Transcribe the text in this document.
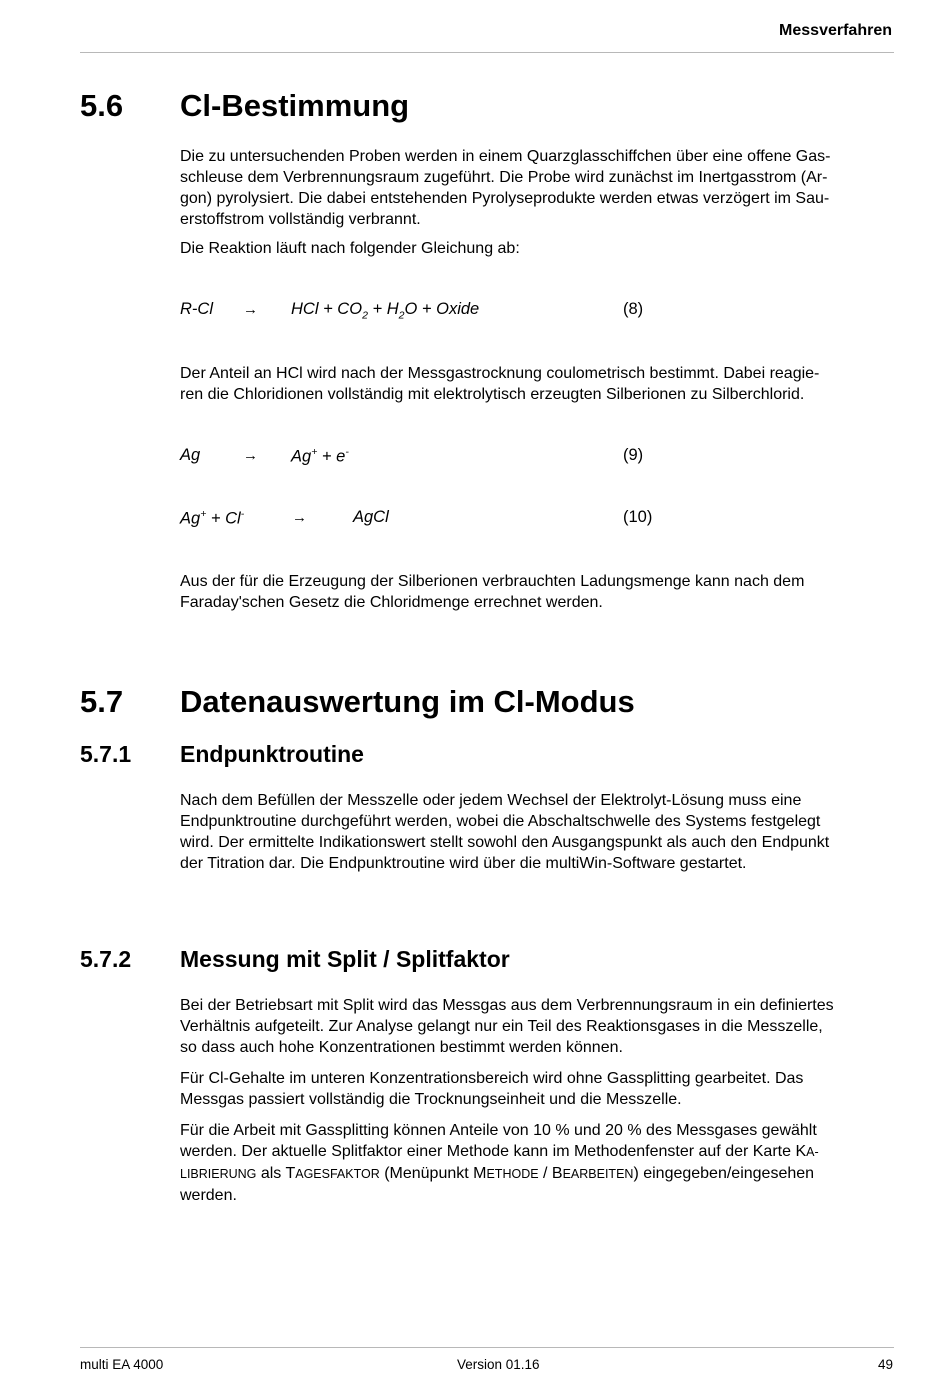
Messverfahren
5.6 Cl-Bestimmung
Die zu untersuchenden Proben werden in einem Quarzglasschiffchen über eine offene Gas-
schleuse dem Verbrennungsraum zugeführt. Die Probe wird zunächst im Inertgasstrom (Ar-
gon) pyrolysiert. Die dabei entstehenden Pyrolyseprodukte werden etwas verzögert im Sau-
erstoffstrom vollständig verbrannt.
Die Reaktion läuft nach folgender Gleichung ab:
R-Cl → HCl + $CO_2 + H_2O$ + Oxide	(8)
Der Anteil an HCl wird nach der Messgastrocknung coulometrisch bestimmt. Dabei reagie-
ren die Chloridionen vollständig mit elektrolytisch erzeugten Silberionen zu Silberchlorid.
Ag	→ Ag+ + e-	(9)
Ag+ + Cl-	→	AgCl	(10)
Aus der für die Erzeugung der Silberionen verbrauchten Ladungsmenge kann nach dem
Faraday'schen Gesetz die Chloridmenge errechnet werden.
5.7 Datenauswertung im Cl-Modus
5.7.1 Endpunktroutine
Nach dem Befüllen der Messzelle oder jedem Wechsel der Elektrolyt-Lösung muss eine
Endpunktroutine durchgeführt werden, wobei die Abschaltschwelle des Systems festgelegt
wird. Der ermittelte Indikationswert stellt sowohl den Ausgangspunkt als auch den Endpunkt
der Titration dar. Die Endpunktroutine wird über die multiWin-Software gestartet.
5.7.2 Messung mit Split / Splitfaktor
Bei der Betriebsart mit Split wird das Messgas aus dem Verbrennungsraum in ein definiertes
Verhältnis aufgeteilt. Zur Analyse gelangt nur ein Teil des Reaktionsgases in die Messzelle,
so dass auch hohe Konzentrationen bestimmt werden können.
Für Cl-Gehalte im unteren Konzentrationsbereich wird ohne Gassplitting gearbeitet. Das
Messgas passiert vollständig die Trocknungseinheit und die Messzelle.
Für die Arbeit mit Gassplitting können Anteile von 10 % und 20 % des Messgases gewählt
werden. Der aktuelle Splitfaktor einer Methode kann im Methodenfenster auf der Karte KA-
LIBRIERUNG als TAGESFAKTOR (Menüpunkt METHODE / BEARBEITEN) eingegeben/eingesehen
werden.
multi EA 4000	Version 01.16	49
